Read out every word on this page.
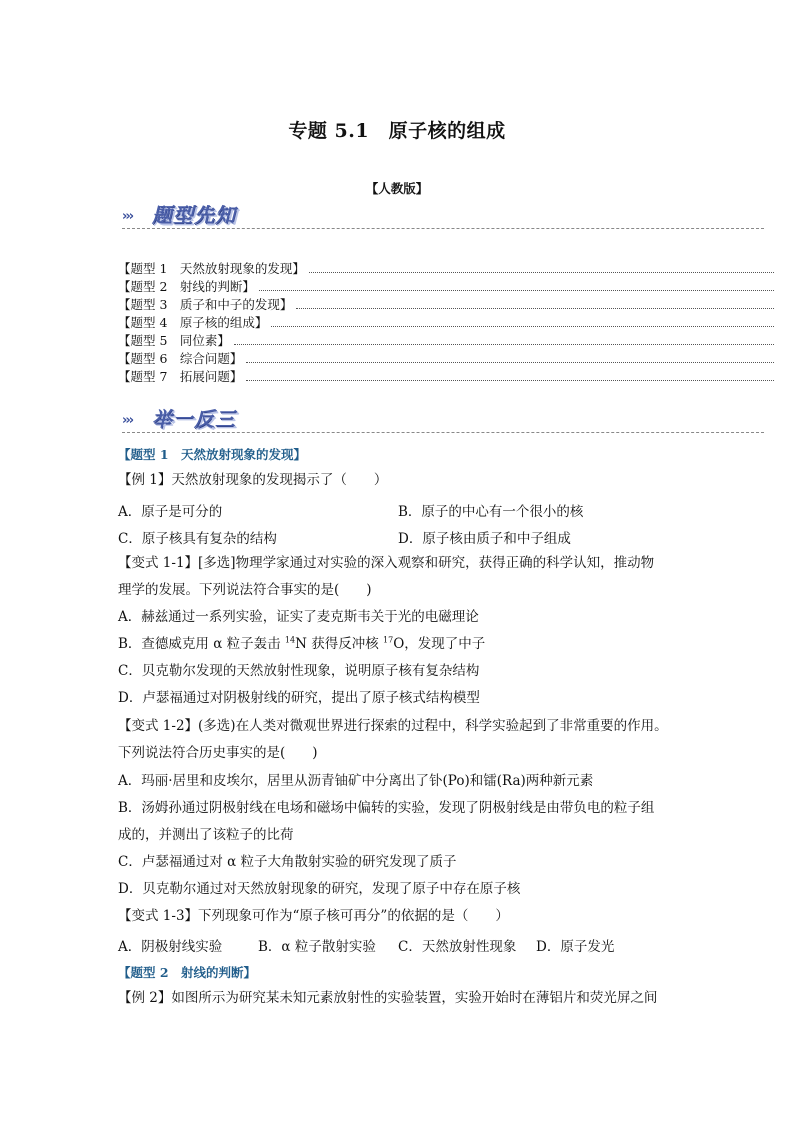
专题 5.1　原子核的组成
【人教版】
››› 题型先知
【题型 1　天然放射现象的发现】
【题型 2　射线的判断】
【题型 3　质子和中子的发现】
【题型 4　原子核的组成】
【题型 5　同位素】
【题型 6　综合问题】
【题型 7　拓展问题】
››› 举一反三
【题型 1　天然放射现象的发现】
【例 1】天然放射现象的发现揭示了（　　）
A．原子是可分的	B．原子的中心有一个很小的核
C．原子核具有复杂的结构	D．原子核由质子和中子组成
【变式 1-1】[多选]物理学家通过对实验的深入观察和研究，获得正确的科学认知，推动物
理学的发展。下列说法符合事实的是(　　)
A．赫兹通过一系列实验，证实了麦克斯韦关于光的电磁理论
B．查德威克用 α 粒子轰击 $^{14}$N 获得反冲核 $^{17}$O，发现了中子
C．贝克勒尔发现的天然放射性现象，说明原子核有复杂结构
D．卢瑟福通过对阴极射线的研究，提出了原子核式结构模型
【变式 1-2】(多选)在人类对微观世界进行探索的过程中，科学实验起到了非常重要的作用。
下列说法符合历史事实的是(　　)
A．玛丽·居里和皮埃尔，居里从沥青铀矿中分离出了钋(Po)和镭(Ra)两种新元素
B．汤姆孙通过阴极射线在电场和磁场中偏转的实验，发现了阴极射线是由带负电的粒子组
成的，并测出了该粒子的比荷
C．卢瑟福通过对 α 粒子大角散射实验的研究发现了质子
D．贝克勒尔通过对天然放射现象的研究，发现了原子中存在原子核
【变式 1-3】下列现象可作为“原子核可再分”的依据的是（　　）
A．阴极射线实验	B．α 粒子散射实验 C．天然放射性现象 D．原子发光
【题型 2　射线的判断】
【例 2】如图所示为研究某未知元素放射性的实验装置，实验开始时在薄铝片和荧光屏之间
